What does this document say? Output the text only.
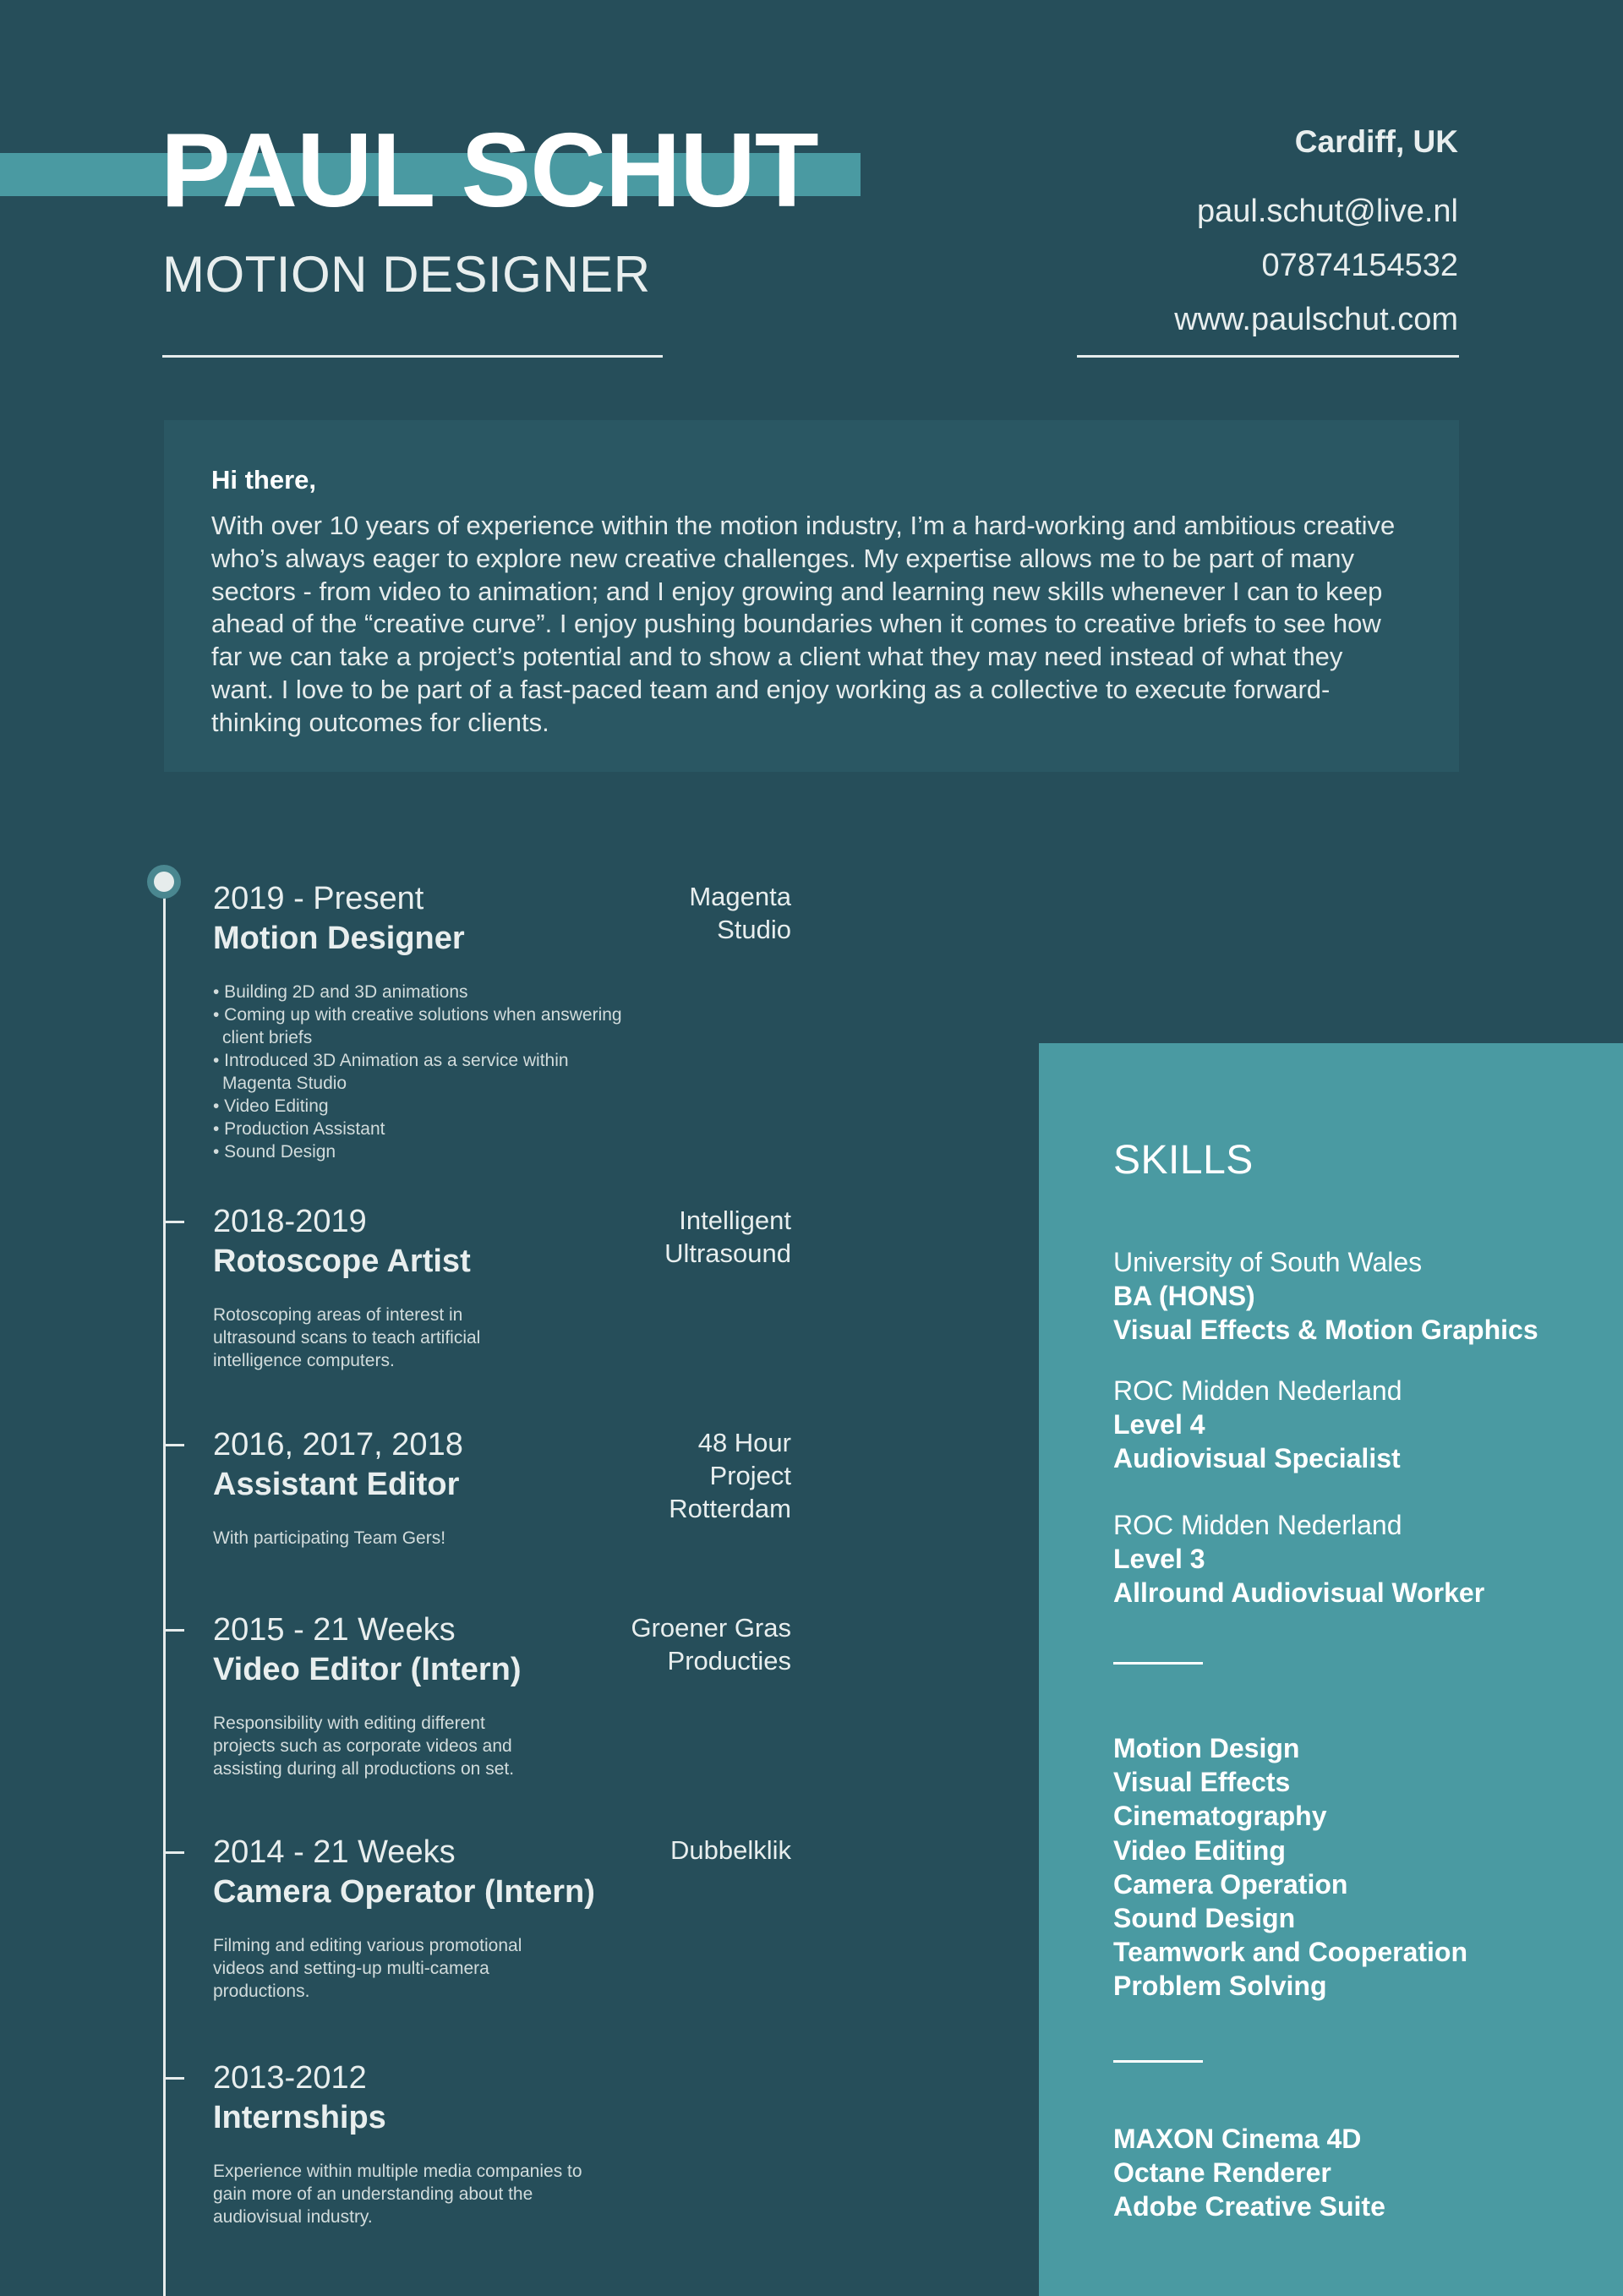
PAUL SCHUT
MOTION DESIGNER
Cardiff, UK
paul.schut@live.nl
07874154532
www.paulschut.com
Hi there,
With over 10 years of experience within the motion industry, I’m a hard-working and ambitious creative who’s always eager to explore new creative challenges. My expertise allows me to be part of many sectors - from video to animation; and I enjoy growing and learning new skills whenever I can to keep ahead of the “creative curve”. I enjoy pushing boundaries when it comes to creative briefs to see how far we can take a project’s potential and to show a client what they may need instead of what they want. I love to be part of a fast-paced team and enjoy working as a collective to execute forward-thinking outcomes for clients.
2019 - Present
Motion Designer
• Building 2D and 3D animations
• Coming up with creative solutions when answering client briefs
• Introduced 3D Animation as a service within Magenta Studio
• Video Editing
• Production Assistant
• Sound Design
Magenta
Studio
2018-2019
Rotoscope Artist
Rotoscoping areas of interest in ultrasound scans to teach artificial intelligence computers.
Intelligent
Ultrasound
2016, 2017, 2018
Assistant Editor
With participating Team Gers!
48 Hour
Project
Rotterdam
2015 - 21 Weeks
Video Editor (Intern)
Responsibility with editing different projects such as corporate videos and assisting during all productions on set.
Groener Gras
Producties
2014 - 21 Weeks
Camera Operator (Intern)
Filming and editing various promotional videos and setting-up multi-camera productions.
Dubbelklik
2013-2012
Internships
Experience within multiple media companies to gain more of an understanding about the audiovisual industry.
SKILLS
University of South Wales
BA (HONS)
Visual Effects & Motion Graphics
ROC Midden Nederland
Level 4
Audiovisual Specialist
ROC Midden Nederland
Level 3
Allround Audiovisual Worker
Motion Design
Visual Effects
Cinematography
Video Editing
Camera Operation
Sound Design
Teamwork and Cooperation
Problem Solving
MAXON Cinema 4D
Octane Renderer
Adobe Creative Suite
